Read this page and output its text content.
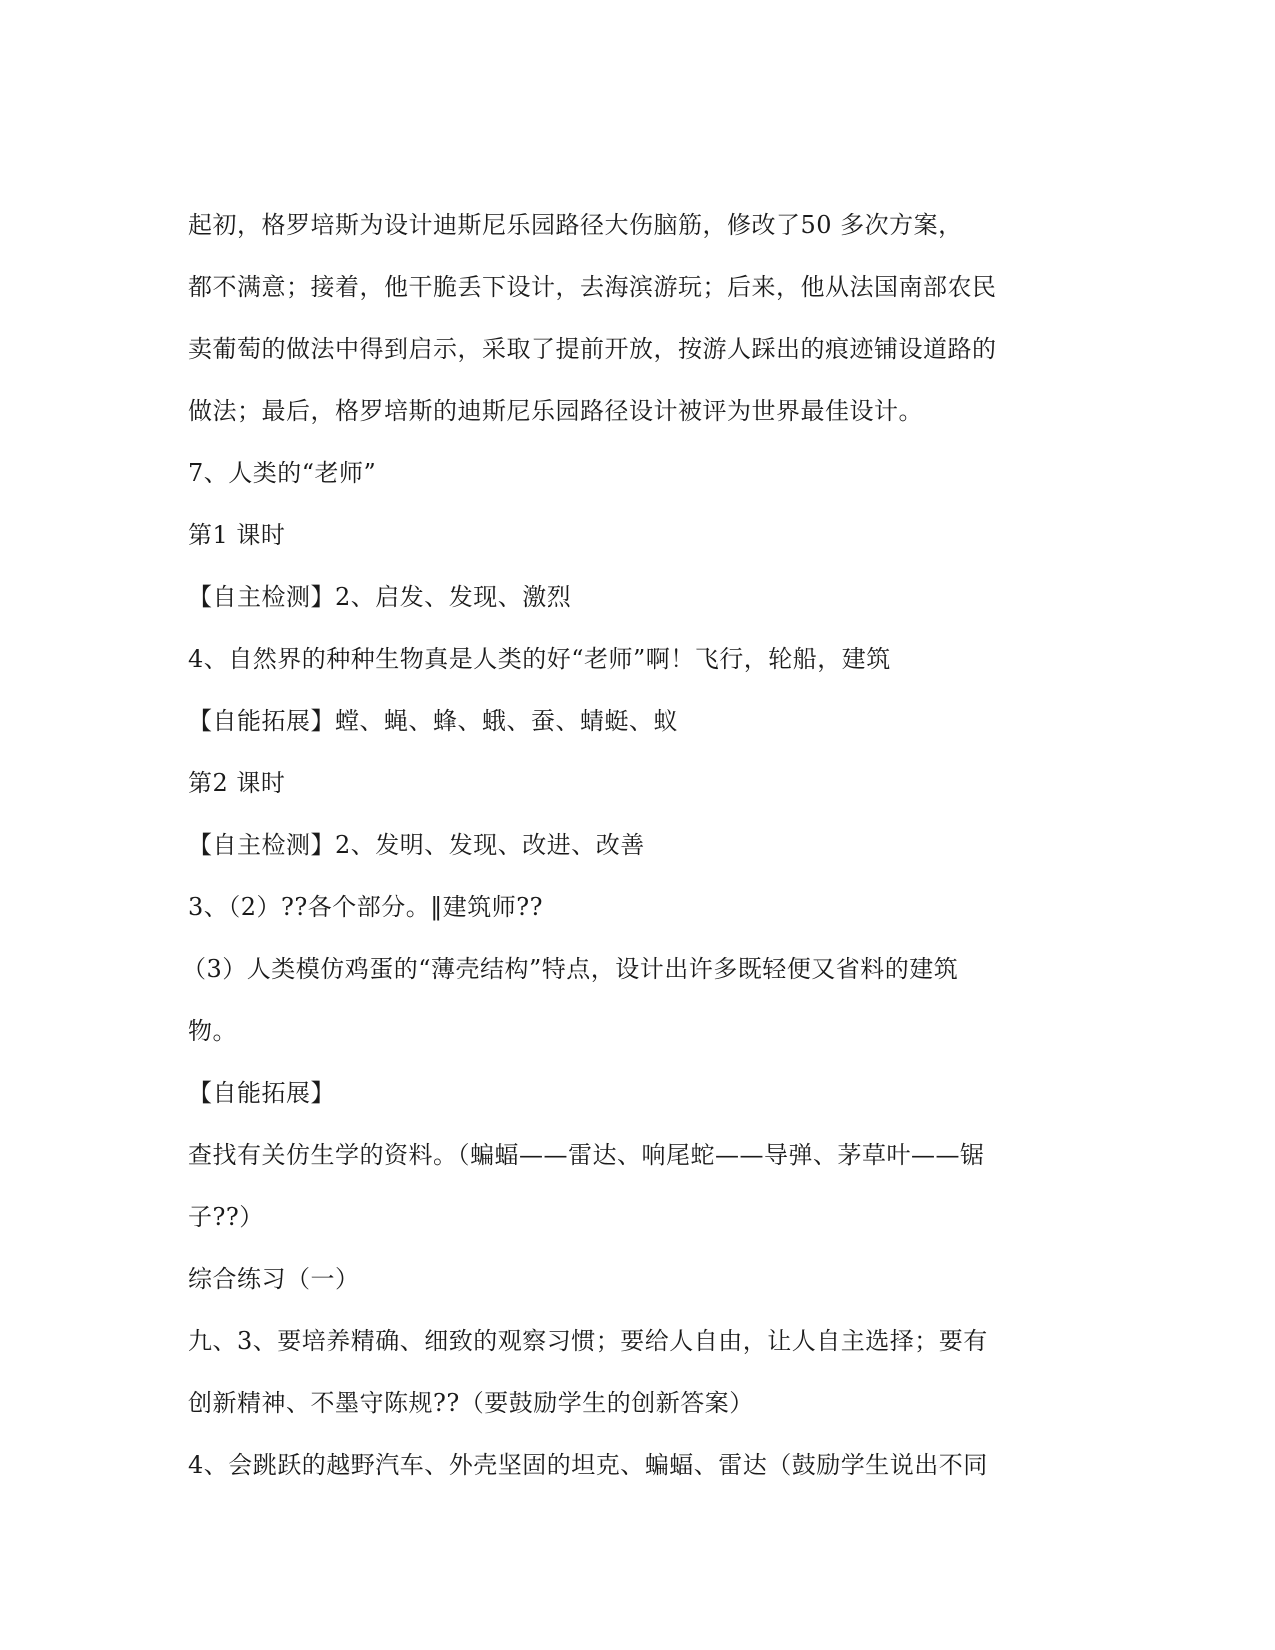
起初，格罗培斯为设计迪斯尼乐园路径大伤脑筋，修改了50 多次方案，
都不满意；接着，他干脆丢下设计，去海滨游玩；后来，他从法国南部农民
卖葡萄的做法中得到启示，采取了提前开放，按游人踩出的痕迹铺设道路的
做法；最后，格罗培斯的迪斯尼乐园路径设计被评为世界最佳设计。
7、人类的“老师”
第1 课时
【自主检测】2、启发、发现、激烈
4、自然界的种种生物真是人类的好“老师”啊！飞行，轮船，建筑
【自能拓展】螳、蝇、蜂、蛾、蚕、蜻蜓、蚁
第2 课时
【自主检测】2、发明、发现、改进、改善
3、（2）??各个部分。‖建筑师??
（3）人类模仿鸡蛋的“薄壳结构”特点，设计出许多既轻便又省料的建筑
物。
【自能拓展】
查找有关仿生学的资料。（蝙蝠——雷达、响尾蛇——导弹、茅草叶——锯
子??）
综合练习（一）
九、3、要培养精确、细致的观察习惯；要给人自由，让人自主选择；要有
创新精神、不墨守陈规??（要鼓励学生的创新答案）
4、会跳跃的越野汽车、外壳坚固的坦克、蝙蝠、雷达（鼓励学生说出不同
